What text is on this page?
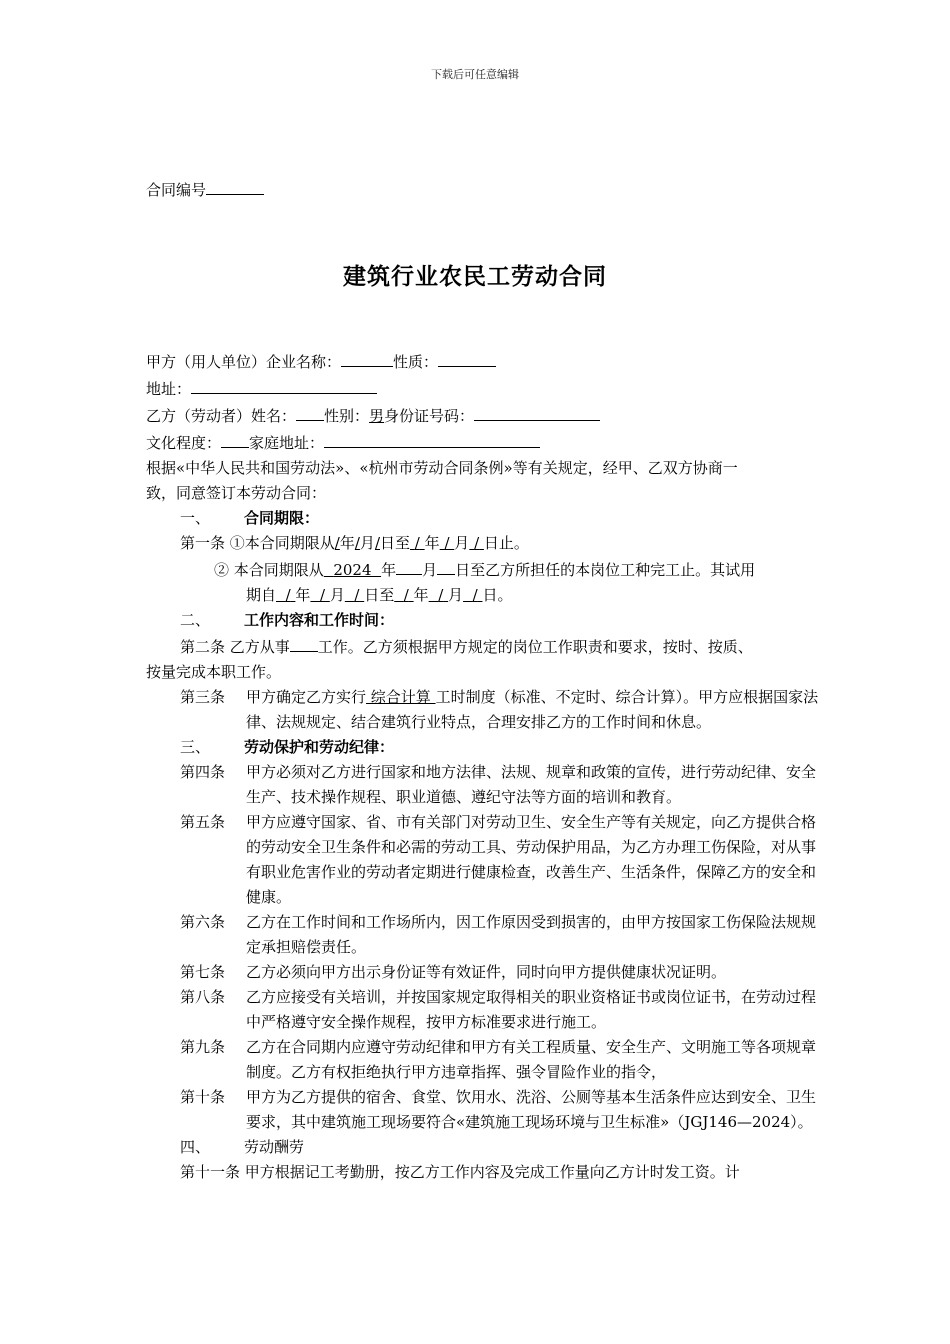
下载后可任意编辑
合同编号
建筑行业农民工劳动合同

甲方（用人单位）企业名称：	性质：

地址：

乙方（劳动者）姓名： 性别：男身份证号码：

文化程度： 家庭地址：

根据«中华人民共和国劳动法»、«杭州市劳动合同条例»等有关规定，经甲、乙双方协商一

致，同意签订本劳动合同：

一、 合同期限：

第一条 ①本合同期限从/年/月/日至 / 年 / 月 / 日止。

② 本合同期限从 2024 年 月 日至乙方所担任的本岗位工种完工止。其试用

期自 / 年 / 月 / 日至 / 年 / 月 / 日。

二、 工作内容和工作时间：

第二条 乙方从事 工作。乙方须根据甲方规定的岗位工作职责和要求，按时、按质、

按量完成本职工作。

第三条	甲方确定乙方实行 综合计算 工时制度（标准、不定时、综合计算）。甲方应根据国家法律、法规规定、结合建筑行业特点，合理安排乙方的工作时间和休息。

三、 劳动保护和劳动纪律：

第四条	甲方必须对乙方进行国家和地方法律、法规、规章和政策的宣传，进行劳动纪律、安全生产、技术操作规程、职业道德、遵纪守法等方面的培训和教育。
第五条	甲方应遵守国家、省、市有关部门对劳动卫生、安全生产等有关规定，向乙方提供合格的劳动安全卫生条件和必需的劳动工具、劳动保护用品，为乙方办理工伤保险，对从事有职业危害作业的劳动者定期进行健康检查，改善生产、生活条件，保障乙方的安全和健康。
第六条	乙方在工作时间和工作场所内，因工作原因受到损害的，由甲方按国家工伤保险法规规定承担赔偿责任。
第七条	乙方必须向甲方出示身份证等有效证件，同时向甲方提供健康状况证明。
第八条	乙方应接受有关培训，并按国家规定取得相关的职业资格证书或岗位证书，在劳动过程中严格遵守安全操作规程，按甲方标准要求进行施工。
第九条	乙方在合同期内应遵守劳动纪律和甲方有关工程质量、安全生产、文明施工等各项规章制度。乙方有权拒绝执行甲方违章指挥、强令冒险作业的指令，
第十条	甲方为乙方提供的宿舍、食堂、饮用水、洗浴、公厕等基本生活条件应达到安全、卫生要求，其中建筑施工现场要符合«建筑施工现场环境与卫生标准»（JGJ146—2024）。

四、 劳动酬劳

第十一条 甲方根据记工考勤册，按乙方工作内容及完成工作量向乙方计时发工资。计
